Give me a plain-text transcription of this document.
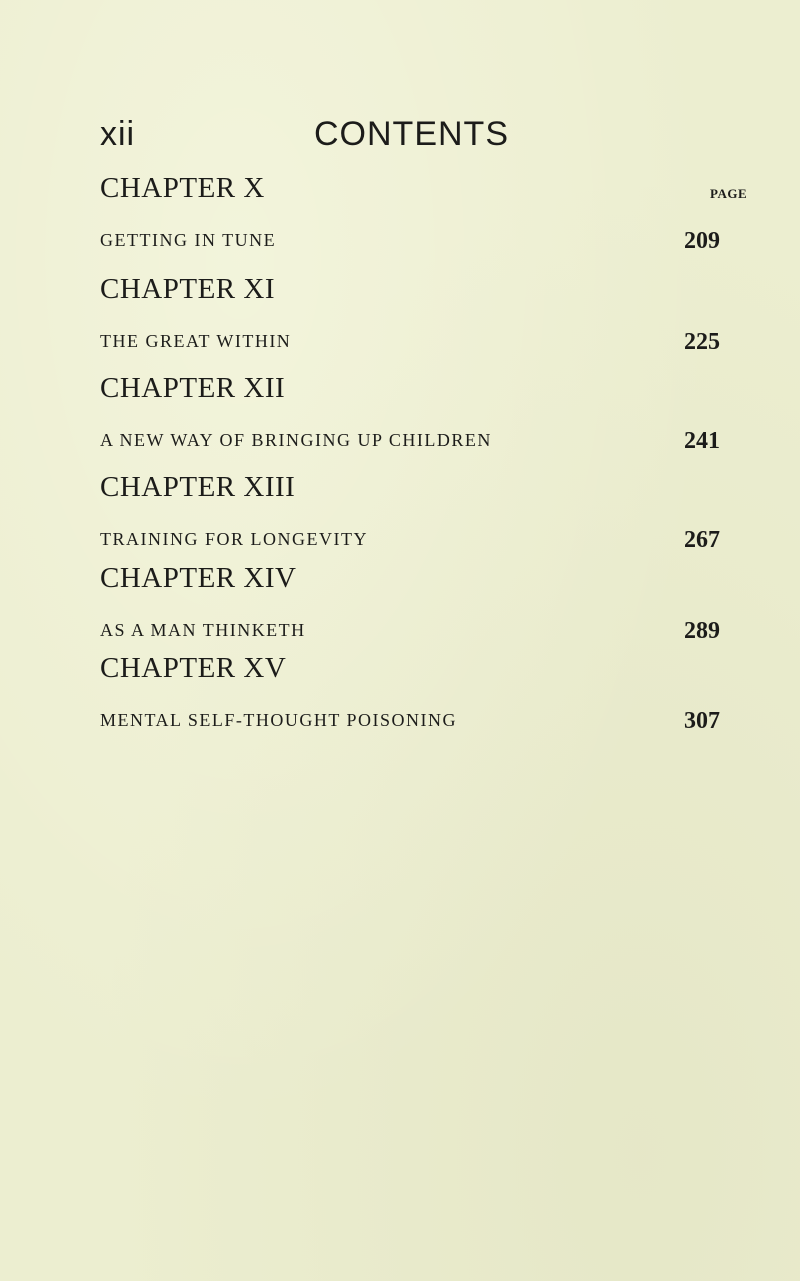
xii	CONTENTS
PAGE
CHAPTER X
GETTING IN TUNE	209
CHAPTER XI
THE GREAT WITHIN	225
CHAPTER XII
A NEW WAY OF BRINGING UP CHILDREN	241
CHAPTER XIII
TRAINING FOR LONGEVITY	267
CHAPTER XIV
AS A MAN THINKETH	289
CHAPTER XV
MENTAL SELF-THOUGHT POISONING	307
